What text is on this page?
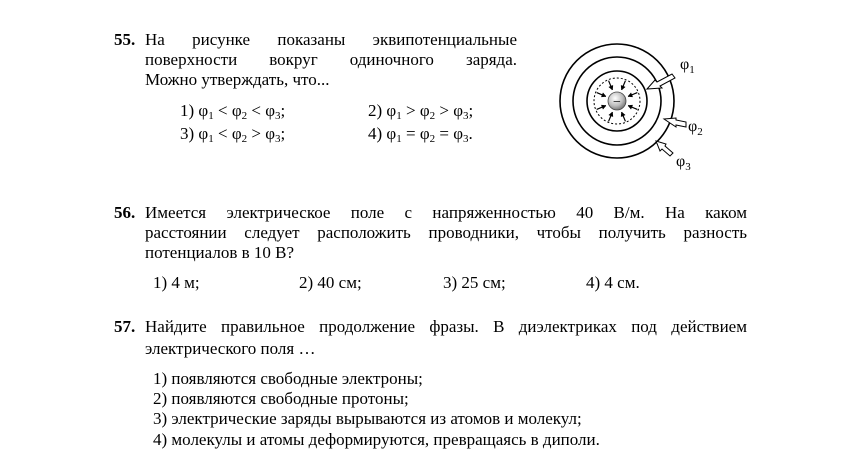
55. На рисунке показаны эквипотенциальные
поверхности вокруг одиночного заряда.
Можно утверждать, что...
1) $\varphi_1 < \varphi_2 < \varphi_3$;	2) $\varphi_1 > \varphi_2 > \varphi_3$;
3) $\varphi_1 < \varphi_2 > \varphi_3$;	4) $\varphi_1 = \varphi_2 = \varphi_3$.
−
$\varphi_1$
$\varphi_2$
$\varphi_3$
56. Имеется электрическое поле с напряженностью 40 В/м. На каком
расстоянии следует расположить проводники, чтобы получить разность
потенциалов в 10 В?
1) 4 м;	2) 40 см;	3) 25 см;	4) 4 см.
57. Найдите правильное продолжение фразы. В диэлектриках под действием
электрического поля …
1) появляются свободные электроны;
2) появляются свободные протоны;
3) электрические заряды вырываются из атомов и молекул;
4) молекулы и атомы деформируются, превращаясь в диполи.
